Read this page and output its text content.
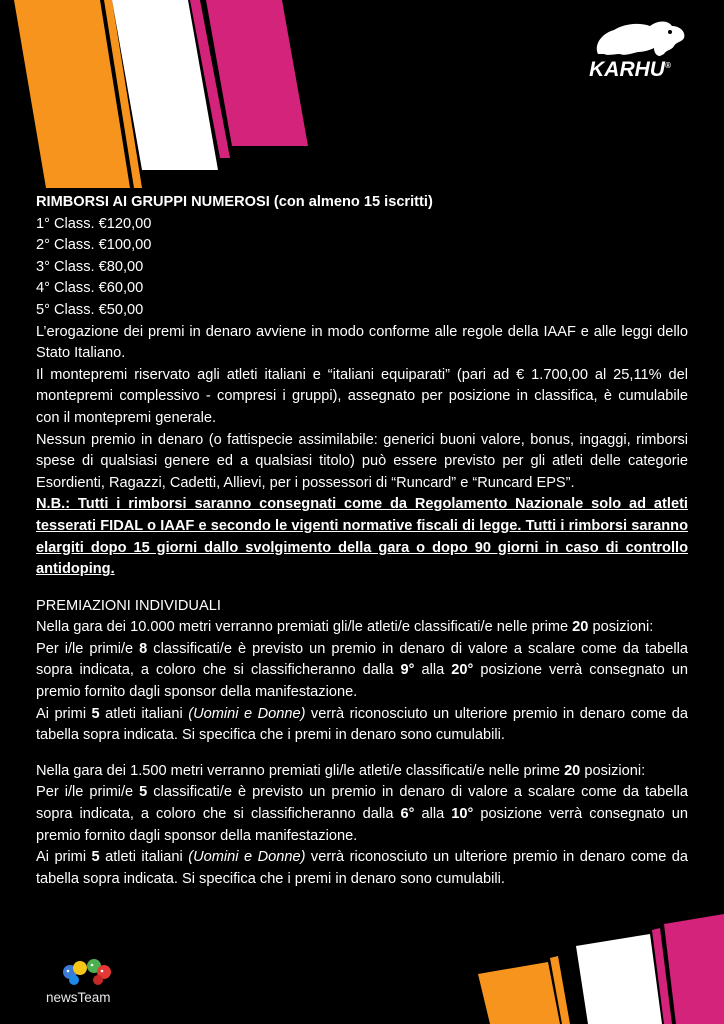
KARHU®

RIMBORSI AI GRUPPI NUMEROSI (con almeno 15 iscritti)

1° Class. €120,00

2° Class. €100,00

3° Class. €80,00

4° Class. €60,00

5° Class. €50,00

L’erogazione dei premi in denaro avviene in modo conforme alle regole della IAAF e alle leggi dello Stato Italiano.

Il montepremi riservato agli atleti italiani e “italiani equiparati” (pari ad € 1.700,00 al 25,11% del montepremi complessivo - compresi i gruppi), assegnato per posizione in classifica, è cumulabile con il montepremi generale.

Nessun premio in denaro (o fattispecie assimilabile: generici buoni valore, bonus, ingaggi, rimborsi spese di qualsiasi genere ed a qualsiasi titolo) può essere previsto per gli atleti delle categorie Esordienti, Ragazzi, Cadetti, Allievi, per i possessori di “Runcard” e “Runcard EPS”.

N.B.: Tutti i rimborsi saranno consegnati come da Regolamento Nazionale solo ad atleti tesserati FIDAL o IAAF e secondo le vigenti normative fiscali di legge. Tutti i rimborsi saranno elargiti dopo 15 giorni dallo svolgimento della gara o dopo 90 giorni in caso di controllo antidoping.

PREMIAZIONI INDIVIDUALI

Nella gara dei 10.000 metri verranno premiati gli/le atleti/e classificati/e nelle prime 20 posizioni:

Per i/le primi/e 8 classificati/e è previsto un premio in denaro di valore a scalare come da tabella sopra indicata, a coloro che si classificheranno dalla 9° alla 20° posizione verrà consegnato un premio fornito dagli sponsor della manifestazione.

Ai primi 5 atleti italiani (Uomini e Donne) verrà riconosciuto un ulteriore premio in denaro come da tabella sopra indicata. Si specifica che i premi in denaro sono cumulabili.

Nella gara dei 1.500 metri verranno premiati gli/le atleti/e classificati/e nelle prime 20 posizioni:

Per i/le primi/e 5 classificati/e è previsto un premio in denaro di valore a scalare come da tabella sopra indicata, a coloro che si classificheranno dalla 6° alla 10° posizione verrà consegnato un premio fornito dagli sponsor della manifestazione.

Ai primi 5 atleti italiani (Uomini e Donne) verrà riconosciuto un ulteriore premio in denaro come da tabella sopra indicata. Si specifica che i premi in denaro sono cumulabili.

newsTeam
